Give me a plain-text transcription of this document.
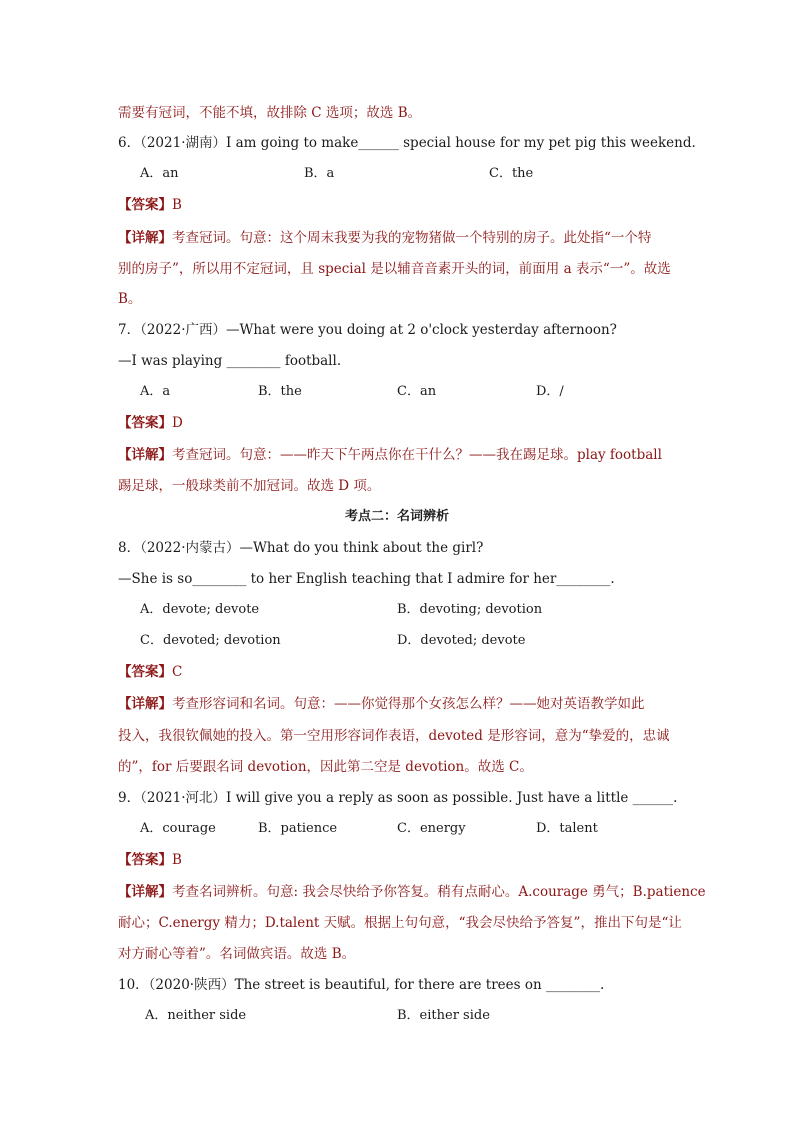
需要有冠词，不能不填，故排除 C 选项；故选 B。
6．（2021·湖南）I am going to make______ special house for my pet pig this weekend.
A．an	B．a	C．the
【答案】B
【详解】考查冠词。句意：这个周末我要为我的宠物猪做一个特别的房子。此处指“一个特
别的房子”，所以用不定冠词，且 special 是以辅音音素开头的词，前面用 a 表示“一”。故选
B。
7．（2022·广西）—What were you doing at 2 o'clock yesterday afternoon?
—I was playing ________ football.
A．a	B．the	C．an	D．/
【答案】D
【详解】考查冠词。句意：——昨天下午两点你在干什么？——我在踢足球。play football
踢足球，一般球类前不加冠词。故选 D 项。
考点二：名词辨析
8．（2022·内蒙古）—What do you think about the girl?
—She is so________ to her English teaching that I admire for her________.
A．devote; devote	B．devoting; devotion
C．devoted; devotion	D．devoted; devote
【答案】C
【详解】考查形容词和名词。句意：——你觉得那个女孩怎么样？——她对英语教学如此
投入，我很钦佩她的投入。第一空用形容词作表语，devoted 是形容词，意为“挚爱的，忠诚
的”，for 后要跟名词 devotion，因此第二空是 devotion。故选 C。
9．（2021·河北）I will give you a reply as soon as possible. Just have a little ______.
A．courage	B．patience	C．energy	D．talent
【答案】B
【详解】考查名词辨析。句意: 我会尽快给予你答复。稍有点耐心。A.courage 勇气；B.patience
耐心；C.energy 精力；D.talent 天赋。根据上句句意，“我会尽快给予答复”，推出下句是“让
对方耐心等着”。名词做宾语。故选 B。
10．（2020·陕西）The street is beautiful, for there are trees on ________.
A．neither side	B．either side
